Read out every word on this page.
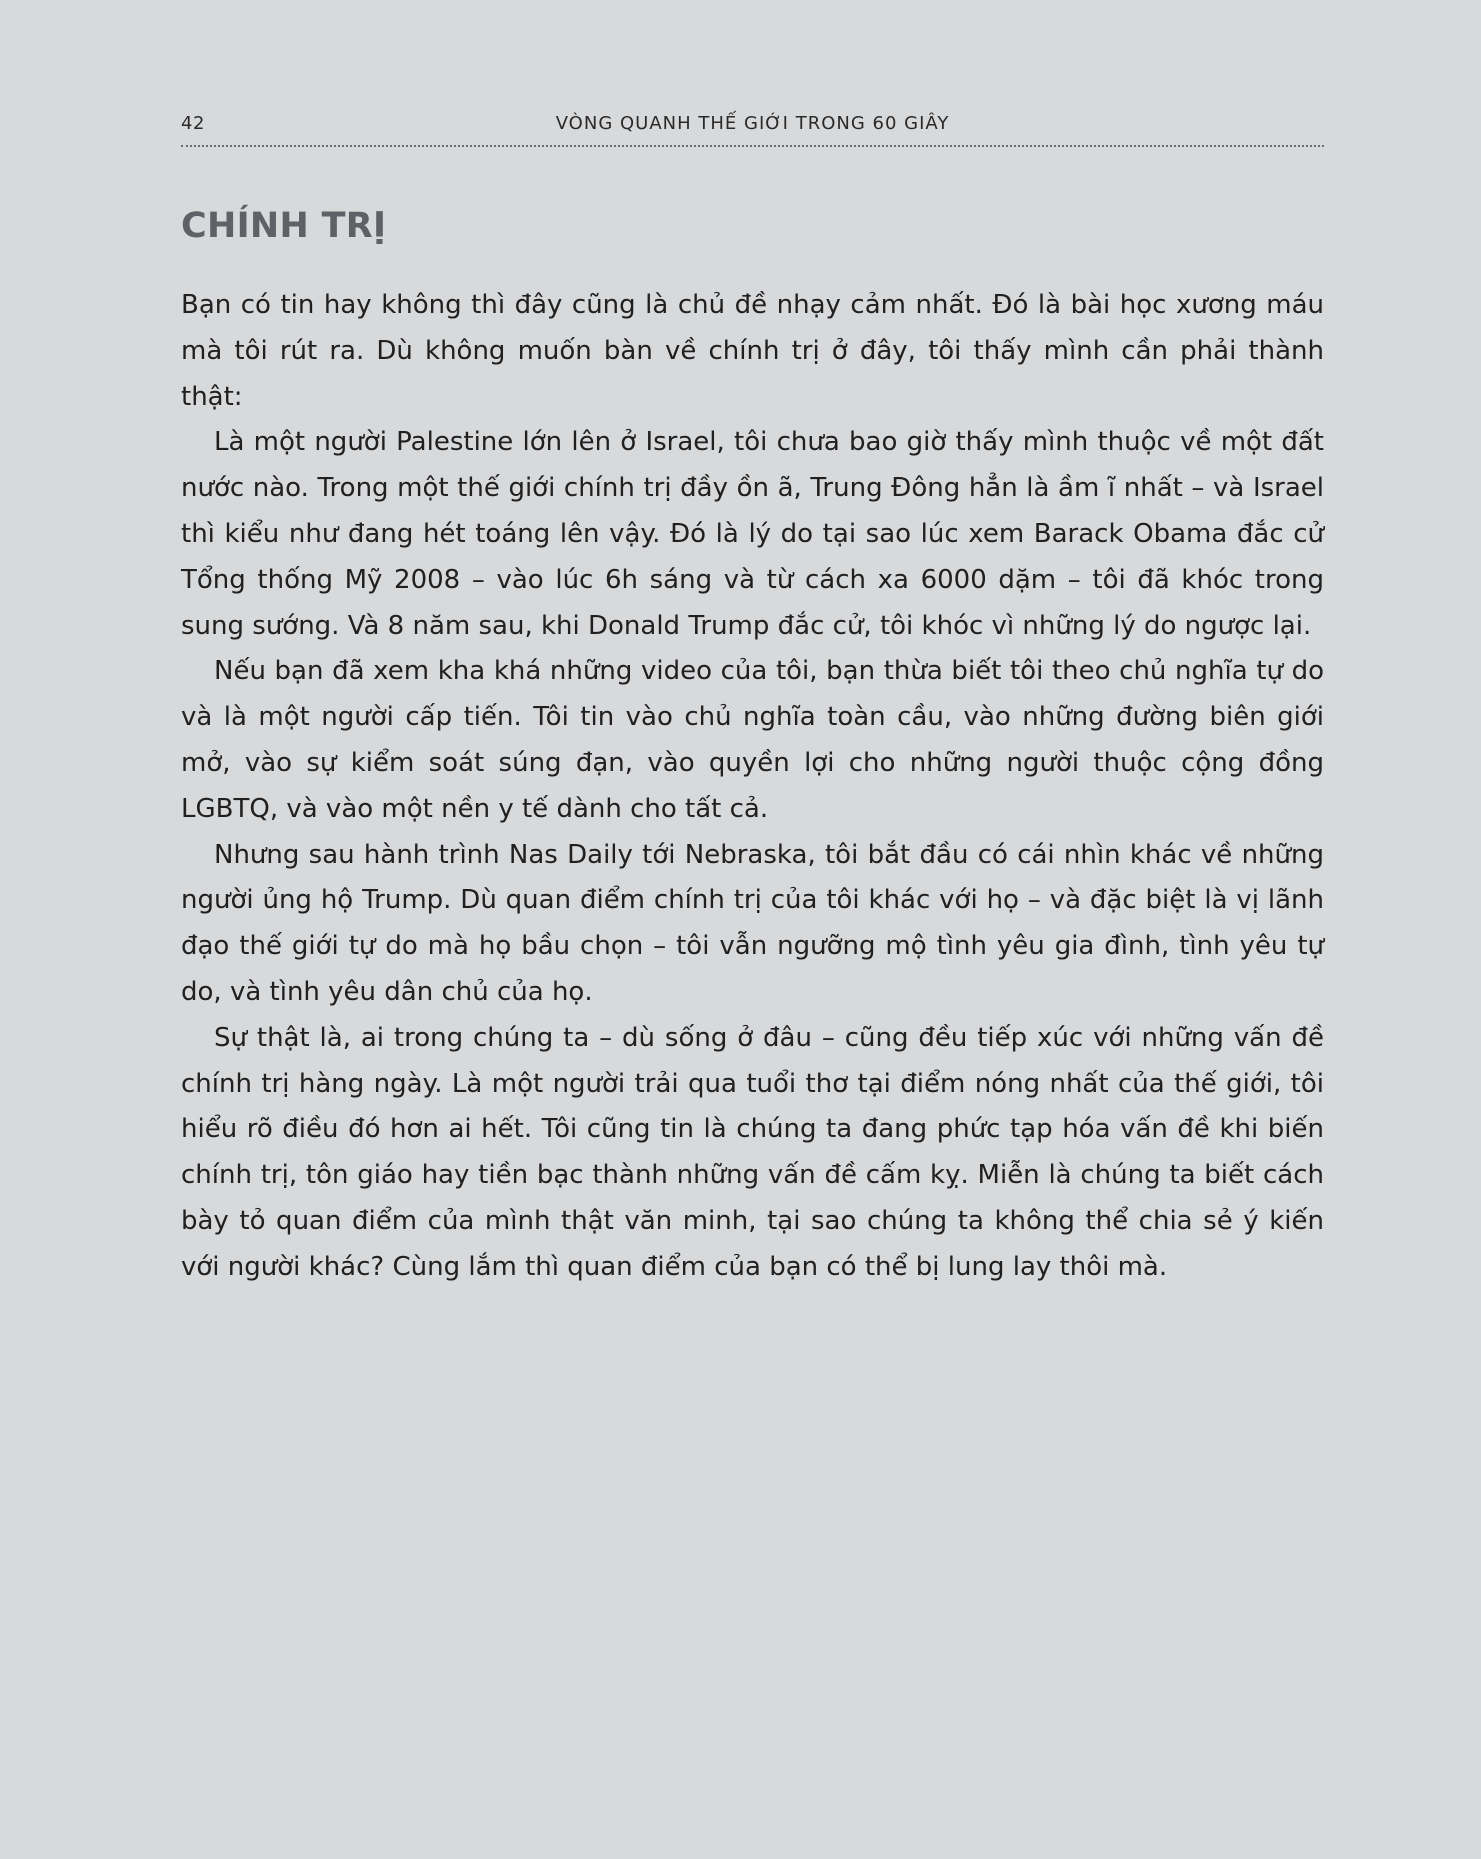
42	VÒNG QUANH THẾ GIỚI TRONG 60 GIÂY
CHÍNH TRỊ

Bạn có tin hay không thì đây cũng là chủ đề nhạy cảm nhất. Đó là bài học xương máu mà tôi rút ra. Dù không muốn bàn về chính trị ở đây, tôi thấy mình cần phải thành thật:

Là một người Palestine lớn lên ở Israel, tôi chưa bao giờ thấy mình thuộc về một đất nước nào. Trong một thế giới chính trị đầy ồn ã, Trung Đông hẳn là ầm ĩ nhất – và Israel thì kiểu như đang hét toáng lên vậy. Đó là lý do tại sao lúc xem Barack Obama đắc cử Tổng thống Mỹ 2008 – vào lúc 6h sáng và từ cách xa 6000 dặm – tôi đã khóc trong sung sướng. Và 8 năm sau, khi Donald Trump đắc cử, tôi khóc vì những lý do ngược lại.

Nếu bạn đã xem kha khá những video của tôi, bạn thừa biết tôi theo chủ nghĩa tự do và là một người cấp tiến. Tôi tin vào chủ nghĩa toàn cầu, vào những đường biên giới mở, vào sự kiểm soát súng đạn, vào quyền lợi cho những người thuộc cộng đồng LGBTQ, và vào một nền y tế dành cho tất cả.

Nhưng sau hành trình Nas Daily tới Nebraska, tôi bắt đầu có cái nhìn khác về những người ủng hộ Trump. Dù quan điểm chính trị của tôi khác với họ – và đặc biệt là vị lãnh đạo thế giới tự do mà họ bầu chọn – tôi vẫn ngưỡng mộ tình yêu gia đình, tình yêu tự do, và tình yêu dân chủ của họ.

Sự thật là, ai trong chúng ta – dù sống ở đâu – cũng đều tiếp xúc với những vấn đề chính trị hàng ngày. Là một người trải qua tuổi thơ tại điểm nóng nhất của thế giới, tôi hiểu rõ điều đó hơn ai hết. Tôi cũng tin là chúng ta đang phức tạp hóa vấn đề khi biến chính trị, tôn giáo hay tiền bạc thành những vấn đề cấm kỵ. Miễn là chúng ta biết cách bày tỏ quan điểm của mình thật văn minh, tại sao chúng ta không thể chia sẻ ý kiến với người khác? Cùng lắm thì quan điểm của bạn có thể bị lung lay thôi mà.
